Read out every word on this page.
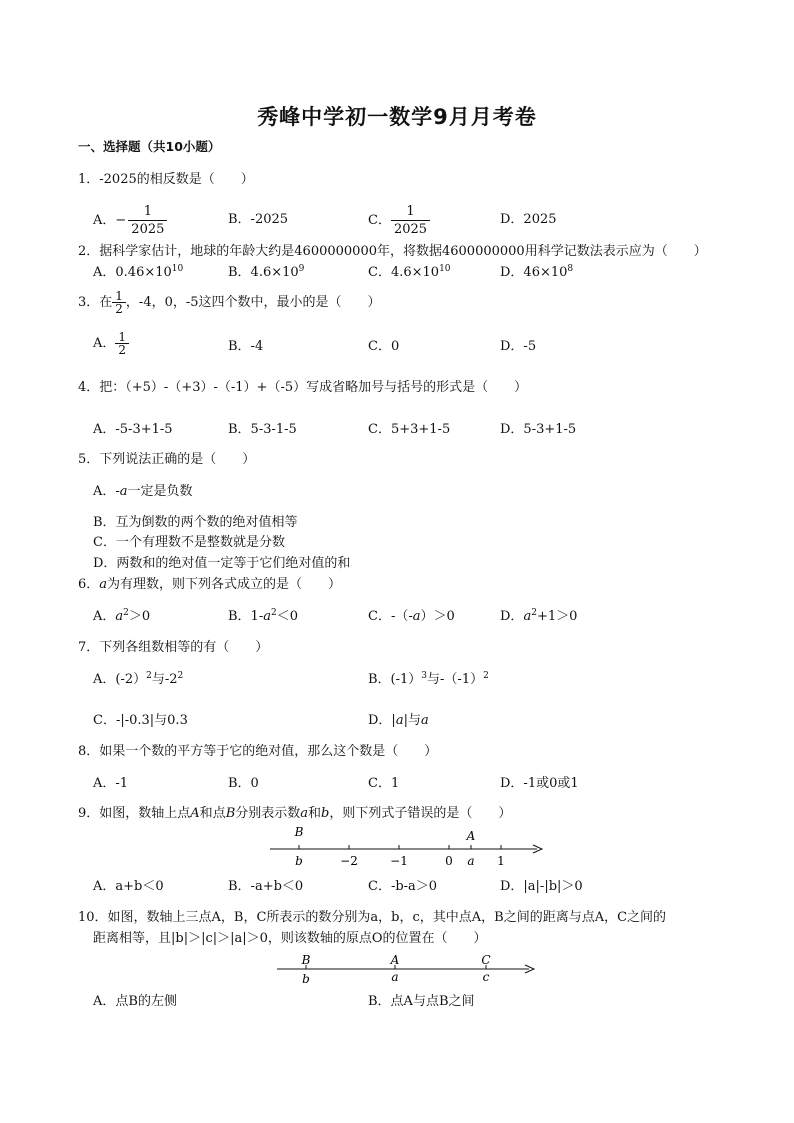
秀峰中学初一数学9月月考卷
一、选择题（共10小题）
1．-2025的相反数是（　　）
A．− $\frac{1}{2025}$	B．-2025	C． $\frac{1}{2025}$	D．2025
2．据科学家估计，地球的年龄大约是4600000000年，将数据4600000000用科学记数法表示应为（　　）
A．$0.46\times 10^{10}$	B．$4.6\times 10^9$	C．$4.6\times 10^{10}$	D．$46\times 10^8$
3．在 $\frac{1}{2}$ ，-4，0，-5这四个数中，最小的是（　　）
A． $\frac{1}{2}$	B．-4	C．0	D．-5
4．把：（+5）-（+3）-（-1）+（-5）写成省略加号与括号的形式是（　　）
A．-5-3+1-5	B．5-3-1-5	C．5+3+1-5	D．5-3+1-5
5．下列说法正确的是（　　）
A．-a一定是负数
B．互为倒数的两个数的绝对值相等
C．一个有理数不是整数就是分数
D．两数和的绝对值一定等于它们绝对值的和
6．a为有理数，则下列各式成立的是（　　）
A．$a^2>0$	B．$1-a^2<0$	C．-（-a）＞0	D．$a^2+1>0$
7．下列各组数相等的有（　　）
A．(-2）$^2$与$-2^2$	B．(-1）$^3$与$-(-1)^2$
C．-|-0.3|与0.3	D．|a|与a
8．如果一个数的平方等于它的绝对值，那么这个数是（　　）
A．-1	B．0	C．1	D．-1或0或1
9．如图，数轴上点A和点B分别表示数a和b，则下列式子错误的是（　　）
B	A
b	−2	−1	0 a 1
A．a+b＜0	B．-a+b＜0	C．-b-a＞0	D．|a|-|b|＞0
10．如图，数轴上三点A，B，C所表示的数分别为a，b，c，其中点A，B之间的距离与点A，C之间的
距离相等，且|b|＞|c|＞|a|＞0，则该数轴的原点O的位置在（　　）
B	A	C
b	a	c
A．点B的左侧	B．点A与点B之间
